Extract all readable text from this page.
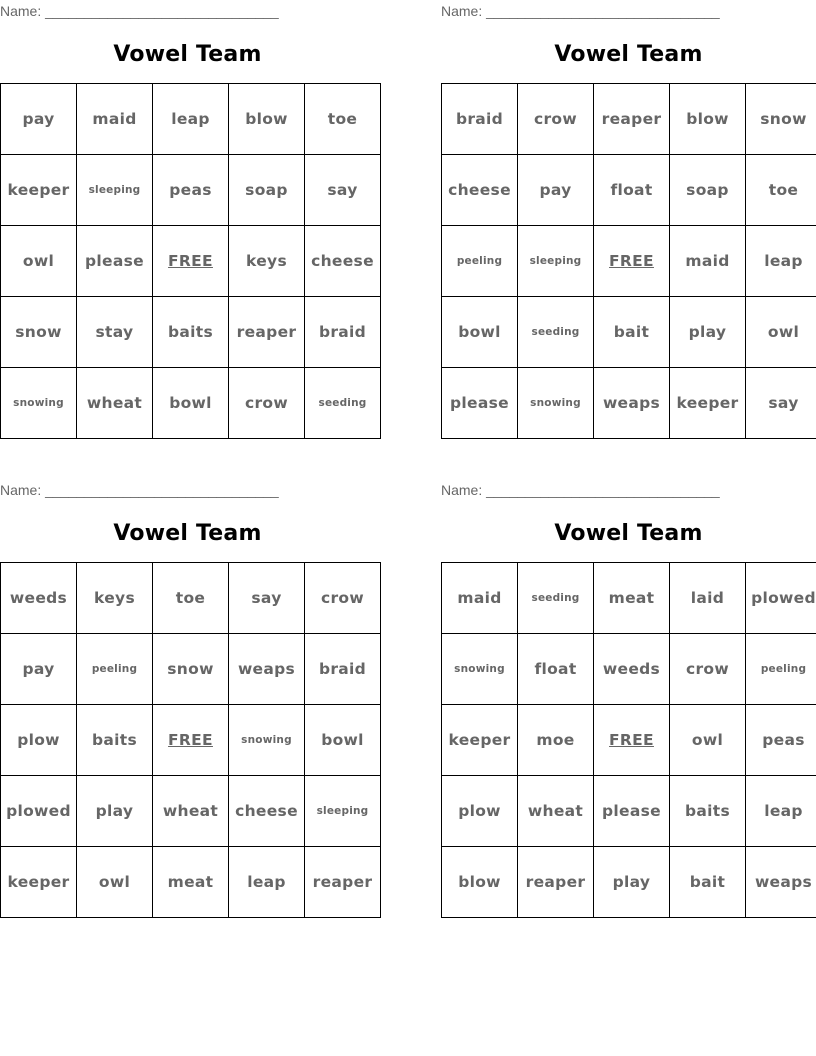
Name: ______________________________
Vowel Team
pay	maid	leap	blow	toe
keeper	sleeping	peas	soap	say
owl	please	FREE	keys	cheese
snow	stay	baits	reaper	braid
snowing	wheat	bowl	crow	seeding
Name: ______________________________
Vowel Team
braid	crow	reaper	blow	snow
cheese	pay	float	soap	toe
peeling	sleeping	FREE	maid	leap
bowl	seeding	bait	play	owl
please	snowing	weaps	keeper	say
Name: ______________________________
Vowel Team
weeds	keys	toe	say	crow
pay	peeling	snow	weaps	braid
plow	baits	FREE	snowing	bowl
plowed	play	wheat	cheese	sleeping
keeper	owl	meat	leap	reaper
Name: ______________________________
Vowel Team
maid	seeding	meat	laid	plowed
snowing	float	weeds	crow	peeling
keeper	moe	FREE	owl	peas
plow	wheat	please	baits	leap
blow	reaper	play	bait	weaps
